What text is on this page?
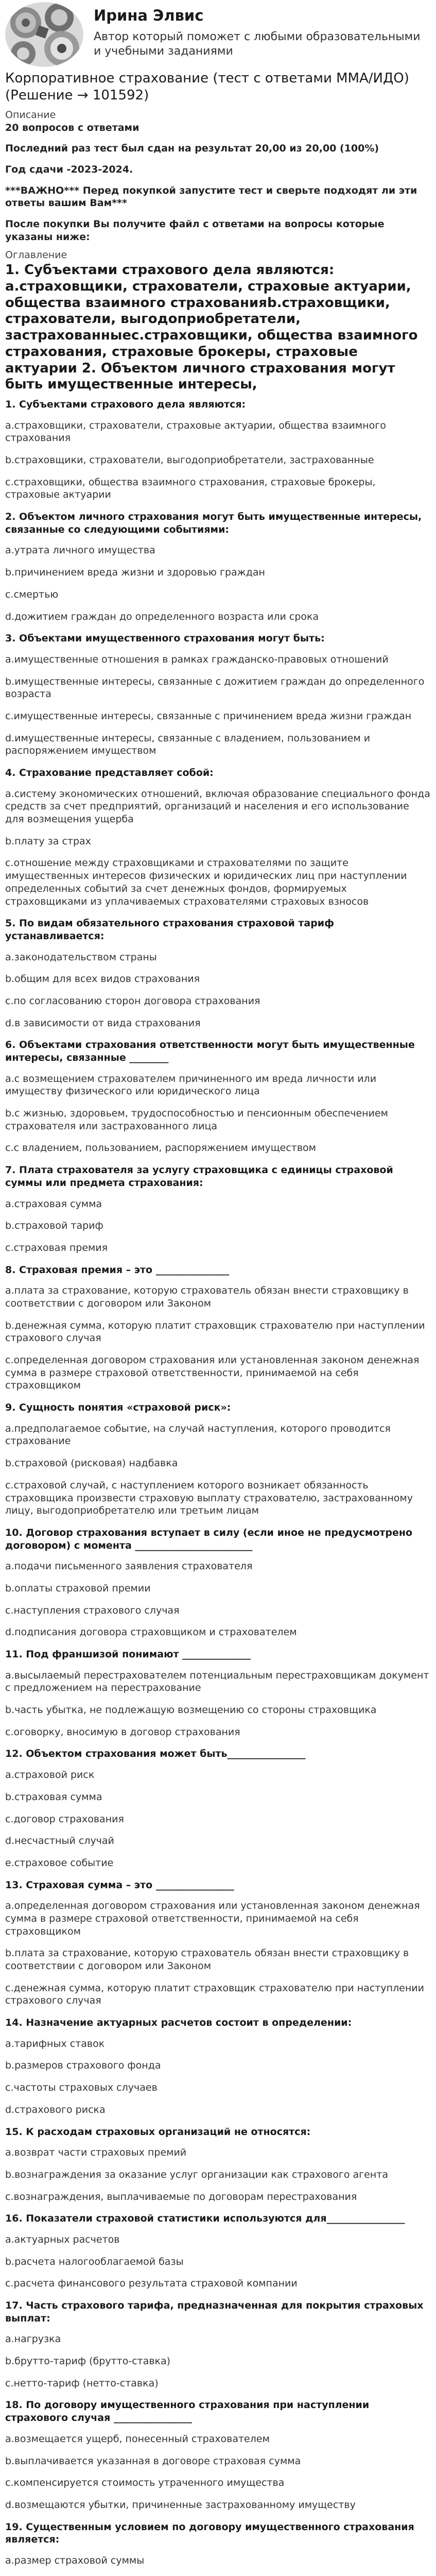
Ирина Элвис

Автор который поможет с любыми образовательными и учебными заданиями

Корпоративное страхование (тест с ответами ММА/ИДО) (Решение → 101592)

Описание

20 вопросов с ответами

Последний раз тест был сдан на результат 20,00 из 20,00 (100%)

Год сдачи -2023-2024.

***ВАЖНО*** Перед покупкой запустите тест и сверьте подходят ли эти ответы вашим Вам***

После покупки Вы получите файл с ответами на вопросы которые указаны ниже:

Оглавление

1. Субъектами страхового дела являются: а.страховщики, страхователи, страховые актуарии, общества взаимного страхованияb.страховщики, страхователи, выгодоприобретатели, застрахованныеc.страховщики, общества взаимного страхования, страховые брокеры, страховые актуарии 2. Объектом личного страхования могут быть имущественные интересы,

1. Субъектами страхового дела являются:

a.страховщики, страхователи, страховые актуарии, общества взаимного страхования

b.страховщики, страхователи, выгодоприобретатели, застрахованные

c.страховщики, общества взаимного страхования, страховые брокеры, страховые актуарии

2. Объектом личного страхования могут быть имущественные интересы, связанные со следующими событиями:

a.утрата личного имущества

b.причинением вреда жизни и здоровью граждан

c.смертью

d.дожитием граждан до определенного возраста или срока

3. Объектами имущественного страхования могут быть:

a.имущественные отношения в рамках гражданско-правовых отношений

b.имущественные интересы, связанные с дожитием граждан до определенного возраста

c.имущественные интересы, связанные с причинением вреда жизни граждан

d.имущественные интересы, связанные с владением, пользованием и распоряжением имуществом

4. Страхование представляет собой:

a.систему экономических отношений, включая образование специального фонда средств за счет предприятий, организаций и населения и его использование для возмещения ущерба

b.плату за страх

c.отношение между страховщиками и страхователями по защите имущественных интересов физических и юридических лиц при наступлении определенных событий за счет денежных фондов, формируемых страховщиками из уплачиваемых страхователями страховых взносов

5. По видам обязательного страхования страховой тариф устанавливается:

a.законодательством страны

b.общим для всех видов страхования

c.по согласованию сторон договора страхования

d.в зависимости от вида страхования

6. Объектами страхования ответственности могут быть имущественные интересы, связанные ________

a.с возмещением страхователем причиненного им вреда личности или имуществу физического или юридического лица

b.с жизнью, здоровьем, трудоспособностью и пенсионным обеспечением страхователя или застрахованного лица

c.с владением, пользованием, распоряжением имуществом

7. Плата страхователя за услугу страховщика с единицы страховой суммы или предмета страхования:

a.страховая сумма

b.страховой тариф

c.страховая премия

8. Страховая премия – это _______________

a.плата за страхование, которую страхователь обязан внести страховщику в соответствии с договором или Законом

b.денежная сумма, которую платит страховщик страхователю при наступлении страхового случая

c.определенная договором страхования или установленная законом денежная сумма в размере страховой ответственности, принимаемой на себя страховщиком

9. Сущность понятия «страховой риск»:

a.предполагаемое событие, на случай наступления, которого проводится страхование

b.страховой (рисковая) надбавка

c.страховой случай, с наступлением которого возникает обязанность страховщика произвести страховую выплату страхователю, застрахованному лицу, выгодоприобретателю или третьим лицам

10. Договор страхования вступает в силу (если иное не предусмотрено договором) с момента ________________________

a.подачи письменного заявления страхователя

b.оплаты страховой премии

c.наступления страхового случая

d.подписания договора страховщиком и страхователем

11. Под франшизой понимают ______________

a.высылаемый перестрахователем потенциальным перестраховщикам документ с предложением на перестрахование

b.часть убытка, не подлежащую возмещению со стороны страховщика

c.оговорку, вносимую в договор страхования

12. Объектом страхования может быть________________

a.страховой риск

b.страховая сумма

c.договор страхования

d.несчастный случай

e.страховое событие

13. Страховая сумма – это ________________

a.определенная договором страхования или установленная законом денежная сумма в размере страховой ответственности, принимаемой на себя страховщиком

b.плата за страхование, которую страхователь обязан внести страховщику в соответствии с договором или Законом

c.денежная сумма, которую платит страховщик страхователю при наступлении страхового случая

14. Назначение актуарных расчетов состоит в определении:

a.тарифных ставок

b.размеров страхового фонда

c.частоты страховых случаев

d.страхового риска

15. К расходам страховых организаций не относятся:

a.возврат части страховых премий

b.вознаграждения за оказание услуг организации как страхового агента

c.вознаграждения, выплачиваемые по договорам перестрахования

16. Показатели страховой статистики используются для________________

a.актуарных расчетов

b.расчета налогооблагаемой базы

c.расчета финансового результата страховой компании

17. Часть страхового тарифа, предназначенная для покрытия страховых выплат:

a.нагрузка

b.брутто-тариф (брутто-ставка)

c.нетто-тариф (нетто-ставка)

18. По договору имущественного страхования при наступлении страхового случая ________________

a.возмещается ущерб, понесенный страхователем

b.выплачивается указанная в договоре страховая сумма

c.компенсируется стоимость утраченного имущества

d.возмещаются убытки, причиненные застрахованному имуществу

19. Существенным условием по договору имущественного страхования является:

a.размер страховой суммы
